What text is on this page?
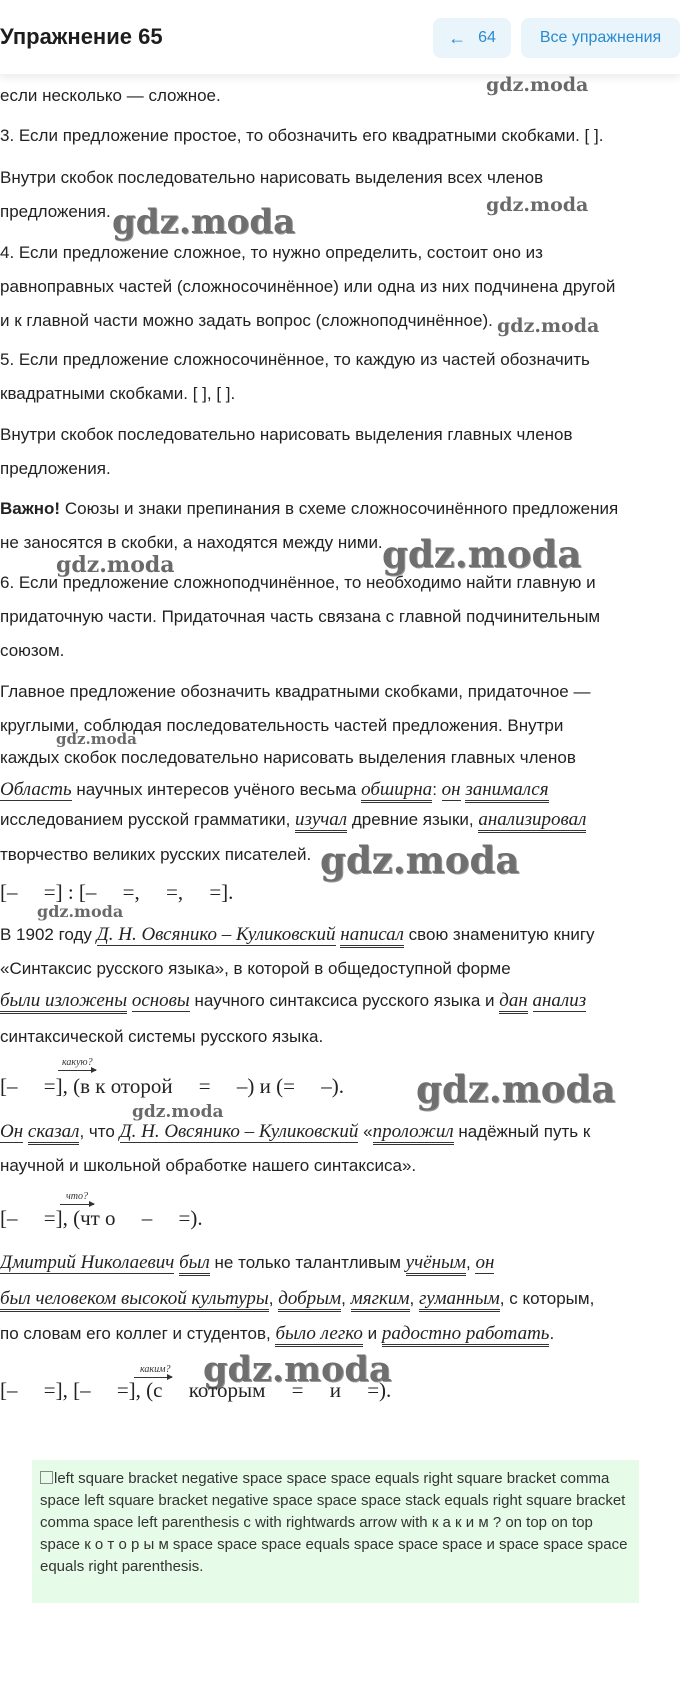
Упражнение 65	← 64	Все упражнения
gdz.moda
gdz.moda
gdz.moda
gdz.moda
gdz.moda
gdz.moda
gdz.moda
gdz.moda
gdz.moda
gdz.moda
gdz.moda
gdz.moda
если несколько — сложное.
3. Если предложение простое, то обозначить его квадратными скобками. [ ].
Внутри скобок последовательно нарисовать выделения всех членов
предложения.
4. Если предложение сложное, то нужно определить, состоит оно из
равноправных частей (сложносочинённое) или одна из них подчинена другой
и к главной части можно задать вопрос (сложноподчинённое).
5. Если предложение сложносочинённое, то каждую из частей обозначить
квадратными скобками. [ ], [ ].
Внутри скобок последовательно нарисовать выделения главных членов
предложения.
Важно! Союзы и знаки препинания в схеме сложносочинённого предложения
не заносятся в скобки, а находятся между ними.
6. Если предложение сложноподчинённое, то необходимо найти главную и
придаточную части. Придаточная часть связана с главной подчинительным
союзом.
Главное предложение обозначить квадратными скобками, придаточное —
круглыми, соблюдая последовательность частей предложения. Внутри
каждых скобок последовательно нарисовать выделения главных членов
Область научных интересов учёного весьма обширна: он занимался
исследованием русской грамматики, изучал древние языки, анализировал
творчество великих русских писателей.
[–     =] : [–     =,     =,     =].
В 1902 году Д. Н. Овсянико – Куликовский написал свою знаменитую книгу
«Синтаксис русского языка», в которой в общедоступной форме
были изложены основы научного синтаксиса русского языка и дан анализ
синтаксической системы русского языка.
какую?
[–     =], (в к оторой     =     –) и (=     –).
Он сказал, что Д. Н. Овсянико – Куликовский «проложил надёжный путь к
научной и школьной обработке нашего синтаксиса».
что?
[–     =], (чт о     –     =).
Дмитрий Николаевич был не только талантливым учёным, он
был человеком высокой культуры, добрым, мягким, гуманным, с которым,
по словам его коллег и студентов, было легко и радостно работать.
каким?
[–     =], [–     =], (с     которым     =     и     =).
left square bracket negative space space space equals right square bracket comma space left square bracket negative space space space stack equals right square bracket comma space left parenthesis с with rightwards arrow with к а к и м ? on top on top space к о т о р ы м space space space equals space space space и space space space equals right parenthesis.
